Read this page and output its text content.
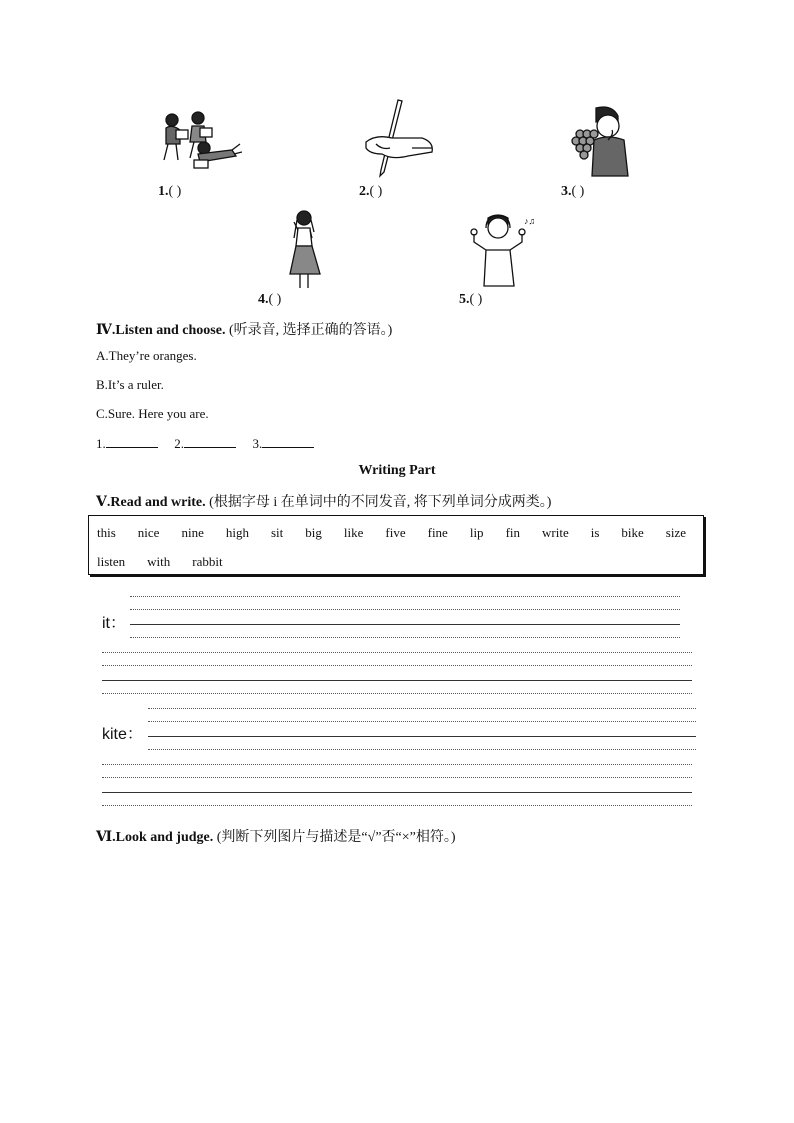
1.( )	2.( )	3.( )
4.( )
♪♫
5.( )
Ⅳ.Listen and choose. (听录音, 选择正确的答语。)
A.They’re oranges.
B.It’s a ruler.
C.Sure. Here you are.
1.	2.	3.
Writing Part
Ⅴ.Read and write. (根据字母 i 在单词中的不同发音, 将下列单词分成两类。)
this nice nine high sit big like five fine lip fin write is bike size
listen with rabbit
it：
kite：
Ⅵ.Look and judge. (判断下列图片与描述是“√”否“×”相符。)
